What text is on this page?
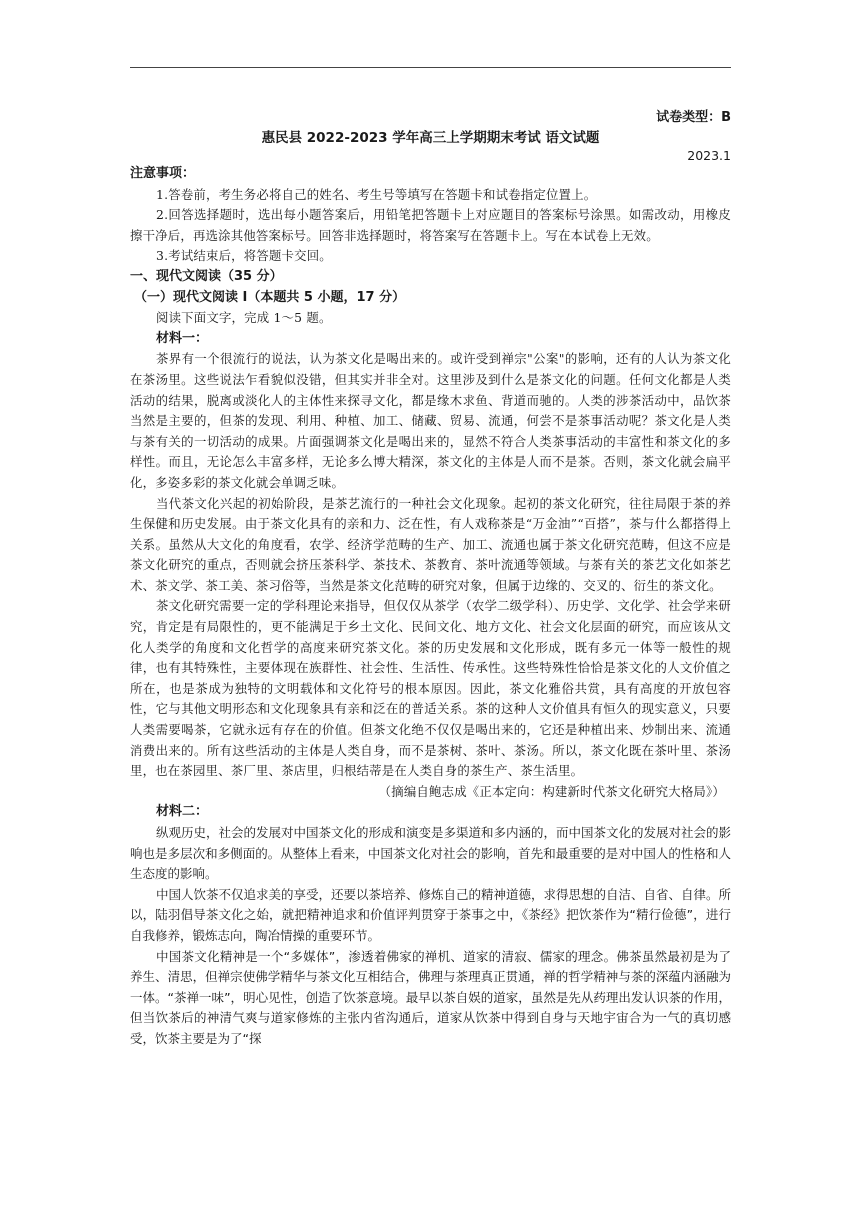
试卷类型：B
惠民县 2022-2023 学年高三上学期期末考试 语文试题
2023.1
注意事项：

1.答卷前，考生务必将自己的姓名、考生号等填写在答题卡和试卷指定位置上。

2.回答选择题时，选出每小题答案后，用铅笔把答题卡上对应题目的答案标号涂黑。如需改动，用橡皮擦干净后，再选涂其他答案标号。回答非选择题时，将答案写在答题卡上。写在本试卷上无效。

3.考试结束后，将答题卡交回。

一、现代文阅读（35 分）
（一）现代文阅读 I（本题共 5 小题，17 分）

阅读下面文字，完成 1～5 题。

材料一：

茶界有一个很流行的说法，认为茶文化是喝出来的。或许受到禅宗"公案"的影响，还有的人认为茶文化在茶汤里。这些说法乍看貌似没错，但其实并非全对。这里涉及到什么是茶文化的问题。任何文化都是人类活动的结果，脱离或淡化人的主体性来探寻文化，都是缘木求鱼、背道而驰的。人类的涉茶活动中，品饮茶当然是主要的，但茶的发现、利用、种植、加工、储藏、贸易、流通，何尝不是茶事活动呢？茶文化是人类与茶有关的一切活动的成果。片面强调茶文化是喝出来的，显然不符合人类茶事活动的丰富性和茶文化的多样性。而且，无论怎么丰富多样，无论多么博大精深，茶文化的主体是人而不是茶。否则，茶文化就会扁平化，多姿多彩的茶文化就会单调乏味。

当代茶文化兴起的初始阶段，是茶艺流行的一种社会文化现象。起初的茶文化研究，往往局限于茶的养生保健和历史发展。由于茶文化具有的亲和力、泛在性，有人戏称茶是“万金油”“百搭”，茶与什么都搭得上关系。虽然从大文化的角度看，农学、经济学范畴的生产、加工、流通也属于茶文化研究范畴，但这不应是茶文化研究的重点，否则就会挤压茶科学、茶技术、茶教育、茶叶流通等领域。与茶有关的茶艺文化如茶艺术、茶文学、茶工美、茶习俗等，当然是茶文化范畴的研究对象，但属于边缘的、交叉的、衍生的茶文化。

茶文化研究需要一定的学科理论来指导，但仅仅从茶学（农学二级学科）、历史学、文化学、社会学来研究，肯定是有局限性的，更不能满足于乡土文化、民间文化、地方文化、社会文化层面的研究，而应该从文化人类学的角度和文化哲学的高度来研究茶文化。茶的历史发展和文化形成，既有多元一体等一般性的规律，也有其特殊性，主要体现在族群性、社会性、生活性、传承性。这些特殊性恰恰是茶文化的人文价值之所在，也是茶成为独特的文明载体和文化符号的根本原因。因此，茶文化雅俗共赏，具有高度的开放包容性，它与其他文明形态和文化现象具有亲和泛在的普适关系。茶的这种人文价值具有恒久的现实意义，只要人类需要喝茶，它就永远有存在的价值。但茶文化绝不仅仅是喝出来的，它还是种植出来、炒制出来、流通消费出来的。所有这些活动的主体是人类自身，而不是茶树、茶叶、茶汤。所以，茶文化既在茶叶里、茶汤里，也在茶园里、茶厂里、茶店里，归根结蒂是在人类自身的茶生产、茶生活里。

（摘编自鲍志成《正本定向：构建新时代茶文化研究大格局》）
材料二：

纵观历史，社会的发展对中国茶文化的形成和演变是多渠道和多内涵的，而中国茶文化的发展对社会的影响也是多层次和多侧面的。从整体上看来，中国茶文化对社会的影响，首先和最重要的是对中国人的性格和人生态度的影响。

中国人饮茶不仅追求美的享受，还要以茶培养、修炼自己的精神道德，求得思想的自洁、自省、自律。所以，陆羽倡导茶文化之始，就把精神追求和价值评判贯穿于茶事之中，《茶经》把饮茶作为“精行俭德”，进行自我修养，锻炼志向，陶冶情操的重要环节。

中国茶文化精神是一个“多媒体”，渗透着佛家的禅机、道家的清寂、儒家的理念。佛茶虽然最初是为了养生、清思，但禅宗使佛学精华与茶文化互相结合，佛理与茶理真正贯通，禅的哲学精神与茶的深蕴内涵融为一体。“茶禅一味”，明心见性，创造了饮茶意境。最早以茶自娱的道家，虽然是先从药理出发认识茶的作用，但当饮茶后的神清气爽与道家修炼的主张内省沟通后，道家从饮茶中得到自身与天地宇宙合为一气的真切感受，饮茶主要是为了“探
